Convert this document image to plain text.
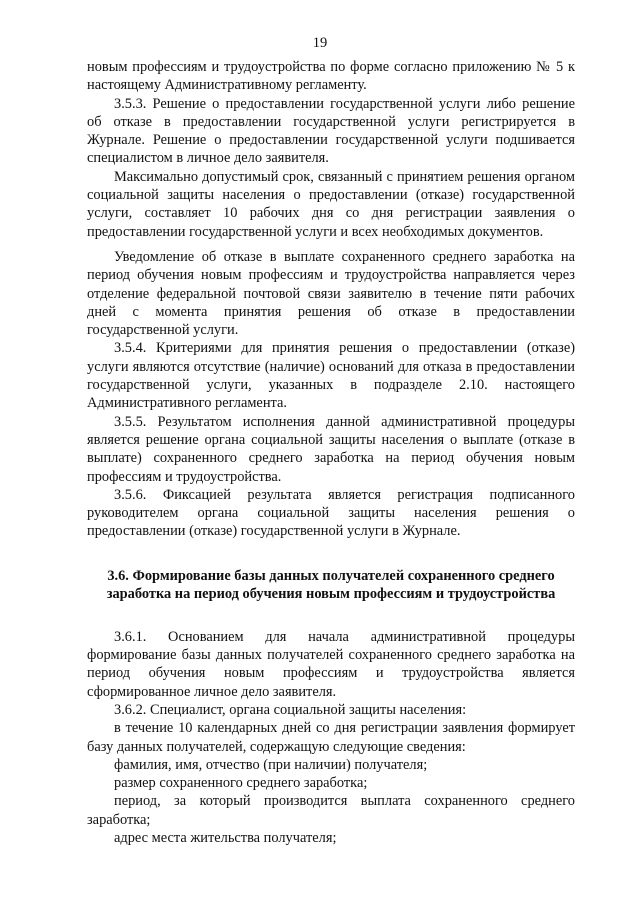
19

новым профессиям и трудоустройства по форме согласно приложению № 5 к настоящему Административному регламенту.

3.5.3. Решение о предоставлении государственной услуги либо решение об отказе в предоставлении государственной услуги регистрируется в Журнале. Решение о предоставлении государственной услуги подшивается специалистом в личное дело заявителя.

Максимально допустимый срок, связанный с принятием решения органом социальной защиты населения о предоставлении (отказе) государственной услуги, составляет 10 рабочих дня со дня регистрации заявления о предоставлении государственной услуги и всех необходимых документов.

Уведомление об отказе в выплате сохраненного среднего заработка на период обучения новым профессиям и трудоустройства направляется через отделение федеральной почтовой связи заявителю в течение пяти рабочих дней с момента принятия решения об отказе в предоставлении государственной услуги.

3.5.4. Критериями для принятия решения о предоставлении (отказе) услуги являются отсутствие (наличие) оснований для отказа в предоставлении государственной услуги, указанных в подразделе 2.10. настоящего Административного регламента.

3.5.5. Результатом исполнения данной административной процедуры является решение органа социальной защиты населения о выплате (отказе в выплате) сохраненного среднего заработка на период обучения новым профессиям и трудоустройства.

3.5.6. Фиксацией результата является регистрация подписанного руководителем органа социальной защиты населения решения о предоставлении (отказе) государственной услуги в Журнале.

3.6. Формирование базы данных получателей сохраненного среднего заработка на период обучения новым профессиям и трудоустройства

3.6.1. Основанием для начала административной процедуры формирование базы данных получателей сохраненного среднего заработка на период обучения новым профессиям и трудоустройства является сформированное личное дело заявителя.

3.6.2. Специалист, органа социальной защиты населения:

в течение 10 календарных дней со дня регистрации заявления формирует базу данных получателей, содержащую следующие сведения:

фамилия, имя, отчество (при наличии) получателя;

размер сохраненного среднего заработка;

период, за который производится выплата сохраненного среднего заработка;

адрес места жительства получателя;
